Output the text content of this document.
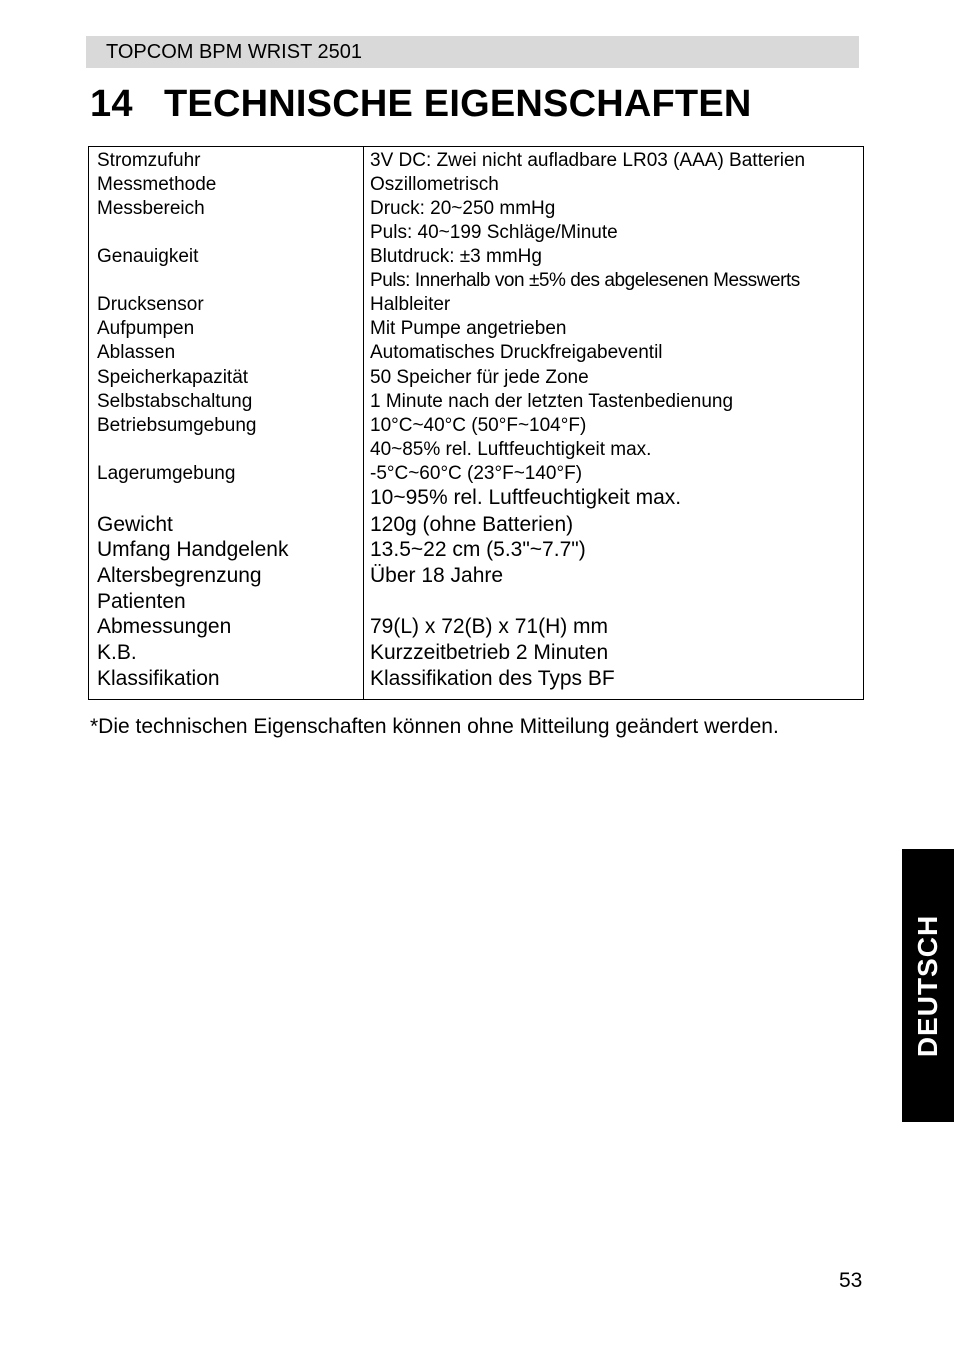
TOPCOM BPM WRIST 2501
14 TECHNISCHE EIGENSCHAFTEN
Stromzufuhr	3V DC: Zwei nicht aufladbare LR03 (AAA) Batterien
Messmethode	Oszillometrisch
Messbereich	Druck: 20~250 mmHg
Puls: 40~199 Schläge/Minute
Genauigkeit	Blutdruck: ±3 mmHg
Puls: Innerhalb von ±5% des abgelesenen Messwerts
Drucksensor	Halbleiter
Aufpumpen	Mit Pumpe angetrieben
Ablassen	Automatisches Druckfreigabeventil
Speicherkapazität	50 Speicher für jede Zone
Selbstabschaltung	1 Minute nach der letzten Tastenbedienung
Betriebsumgebung	10°C~40°C (50°F~104°F)
40~85% rel. Luftfeuchtigkeit max.
Lagerumgebung	-5°C~60°C (23°F~140°F)
10~95% rel. Luftfeuchtigkeit max.
Gewicht	120g (ohne Batterien)
Umfang Handgelenk	13.5~22 cm (5.3"~7.7")
Altersbegrenzung	Über 18 Jahre
Patienten
Abmessungen	79(L) x 72(B) x 71(H) mm
K.B.	Kurzzeitbetrieb 2 Minuten
Klassifikation	Klassifikation des Typs BF
*Die technischen Eigenschaften können ohne Mitteilung geändert werden.
DEUTSCH
53
